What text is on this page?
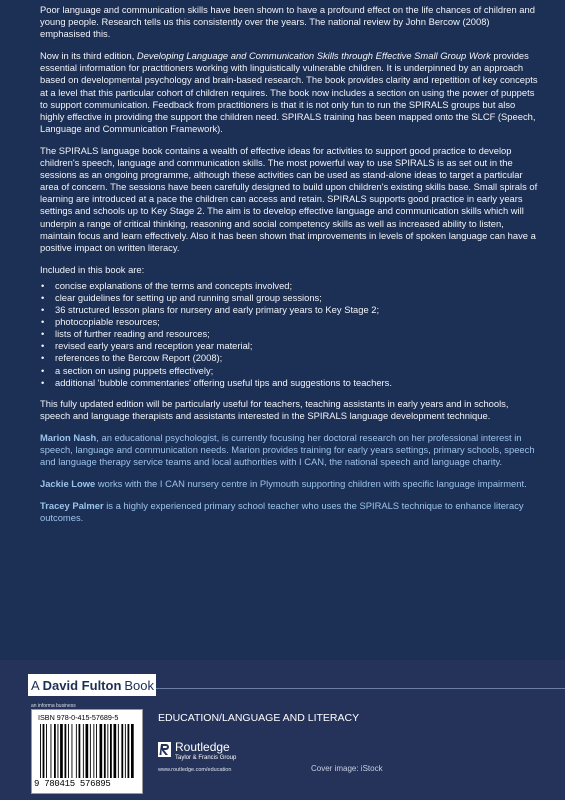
Poor language and communication skills have been shown to have a profound effect on the life chances of children and young people. Research tells us this consistently over the years. The national review by John Bercow (2008) emphasised this.

Now in its third edition, Developing Language and Communication Skills through Effective Small Group Work provides essential information for practitioners working with linguistically vulnerable children. It is underpinned by an approach based on developmental psychology and brain-based research. The book provides clarity and repetition of key concepts at a level that this particular cohort of children requires. The book now includes a section on using the power of puppets to support communication. Feedback from practitioners is that it is not only fun to run the SPIRALS groups but also highly effective in providing the support the children need. SPIRALS training has been mapped onto the SLCF (Speech, Language and Communication Framework).

The SPIRALS language book contains a wealth of effective ideas for activities to support good practice to develop children's speech, language and communication skills. The most powerful way to use SPIRALS is as set out in the sessions as an ongoing programme, although these activities can be used as stand-alone ideas to target a particular area of concern. The sessions have been carefully designed to build upon children's existing skills base. Small spirals of learning are introduced at a pace the children can access and retain. SPIRALS supports good practice in early years settings and schools up to Key Stage 2. The aim is to develop effective language and communication skills which will underpin a range of critical thinking, reasoning and social competency skills as well as increased ability to listen, maintain focus and learn effectively. Also it has been shown that improvements in levels of spoken language can have a positive impact on written literacy.

Included in this book are:

• concise explanations of the terms and concepts involved;
• clear guidelines for setting up and running small group sessions;
• 36 structured lesson plans for nursery and early primary years to Key Stage 2;
• photocopiable resources;
• lists of further reading and resources;
• revised early years and reception year material;
• references to the Bercow Report (2008);
• a section on using puppets effectively;
• additional 'bubble commentaries' offering useful tips and suggestions to teachers.

This fully updated edition will be particularly useful for teachers, teaching assistants in early years and in schools, speech and language therapists and assistants interested in the SPIRALS language development technique.

Marion Nash, an educational psychologist, is currently focusing her doctoral research on her professional interest in speech, language and communication needs. Marion provides training for early years settings, primary schools, speech and language therapy service teams and local authorities with I CAN, the national speech and language charity.

Jackie Lowe works with the I CAN nursery centre in Plymouth supporting children with specific language impairment.

Tracey Palmer is a highly experienced primary school teacher who uses the SPIRALS technique to enhance literacy outcomes.

A David Fulton Book
an informa business
ISBN 978-0-415-57689-5
9 780415 576895
EDUCATION/LANGUAGE AND LITERACY
Routledge
Taylor & Francis Group
www.routledge.com/education	Cover image: iStock
